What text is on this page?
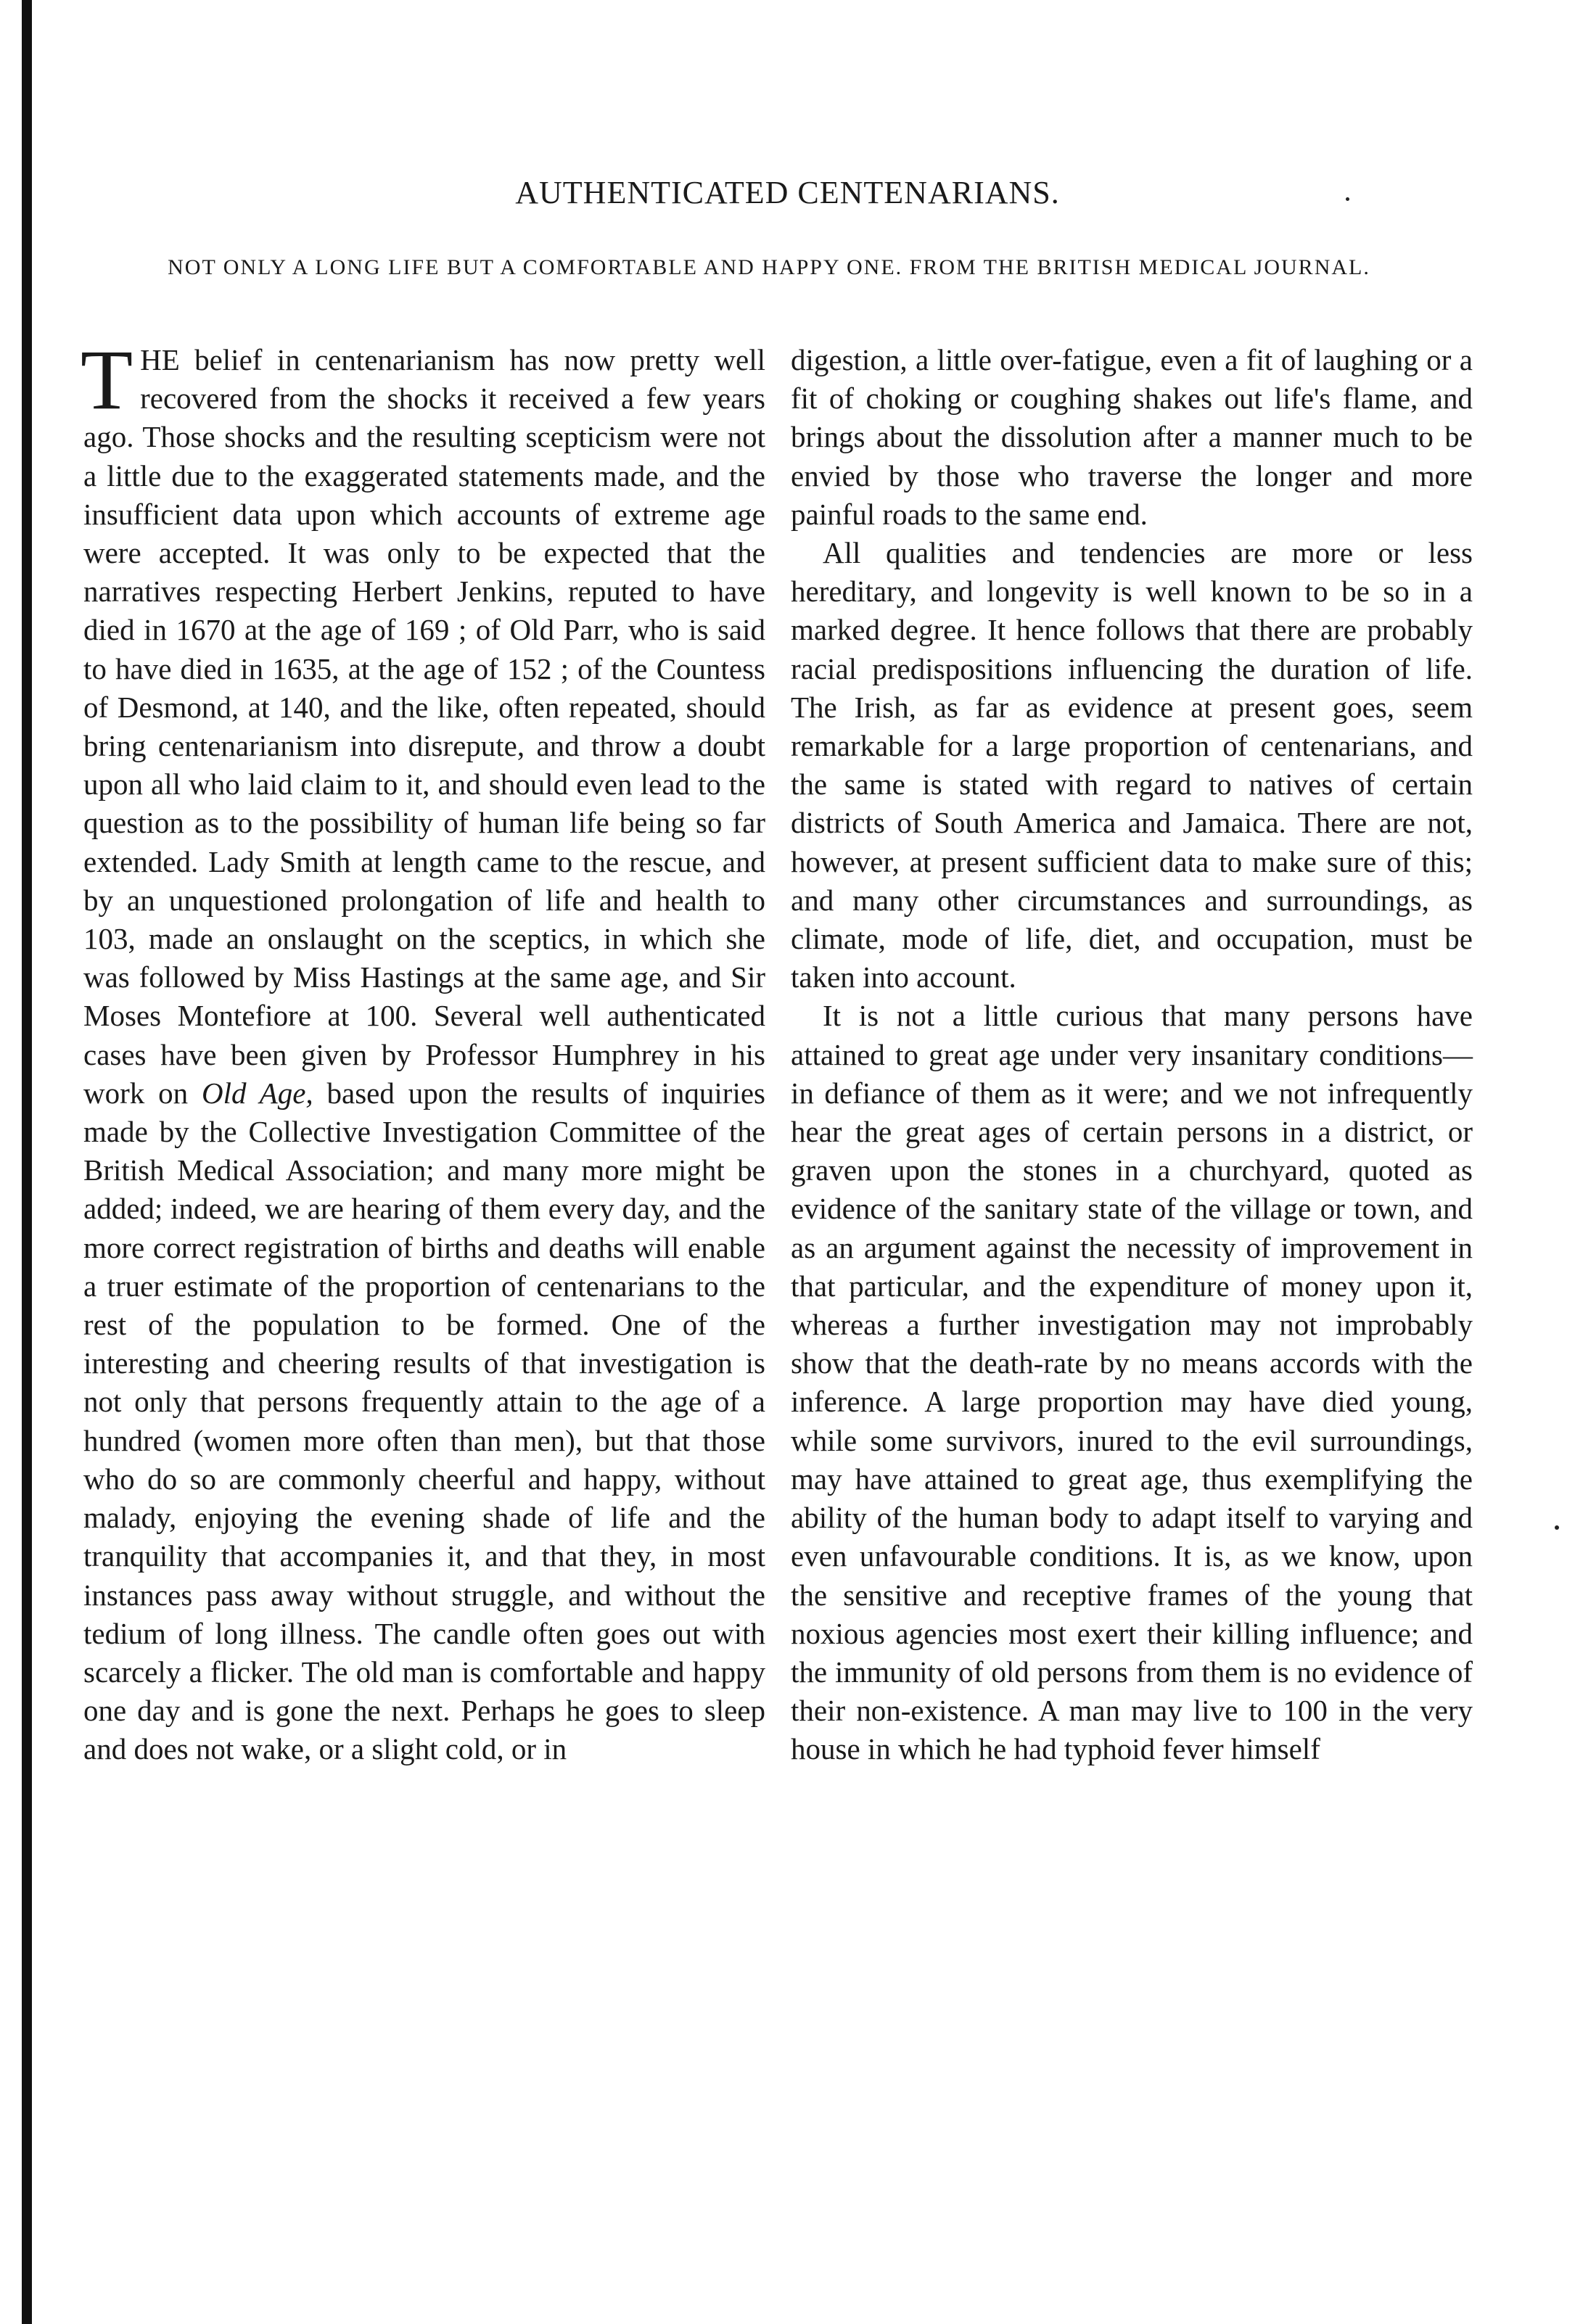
AUTHENTICATED CENTENARIANS.

NOT ONLY A LONG LIFE BUT A COMFORTABLE AND HAPPY ONE. FROM THE BRITISH MEDICAL JOURNAL.

THE belief in centenarianism has now pretty well recovered from the shocks it received a few years ago. Those shocks and the resulting scepticism were not a little due to the exaggerated statements made, and the insufficient data upon which accounts of extreme age were accepted. It was only to be expected that the narratives respecting Herbert Jenkins, reputed to have died in 1670 at the age of 169 ; of Old Parr, who is said to have died in 1635, at the age of 152 ; of the Countess of Desmond, at 140, and the like, often repeated, should bring centenarianism into disrepute, and throw a doubt upon all who laid claim to it, and should even lead to the question as to the possibility of human life being so far extended. Lady Smith at length came to the rescue, and by an unquestioned prolongation of life and health to 103, made an onslaught on the sceptics, in which she was followed by Miss Hastings at the same age, and Sir Moses Montefiore at 100. Several well authenticated cases have been given by Professor Humphrey in his work on Old Age, based upon the results of inquiries made by the Collective Investigation Committee of the British Medical Association; and many more might be added; indeed, we are hearing of them every day, and the more correct registration of births and deaths will enable a truer estimate of the proportion of centenarians to the rest of the population to be formed. One of the interesting and cheering results of that investigation is not only that persons frequently attain to the age of a hundred (women more often than men), but that those who do so are commonly cheerful and happy, without malady, enjoying the evening shade of life and the tranquility that accompanies it, and that they, in most instances pass away without struggle, and without the tedium of long illness. The candle often goes out with scarcely a flicker. The old man is comfortable and happy one day and is gone the next. Perhaps he goes to sleep and does not wake, or a slight cold, or in

digestion, a little over-fatigue, even a fit of laughing or a fit of choking or coughing shakes out life's flame, and brings about the dissolution after a manner much to be envied by those who traverse the longer and more painful roads to the same end.

All qualities and tendencies are more or less hereditary, and longevity is well known to be so in a marked degree. It hence follows that there are probably racial predispositions influencing the duration of life. The Irish, as far as evidence at present goes, seem remarkable for a large proportion of centenarians, and the same is stated with regard to natives of certain districts of South America and Jamaica. There are not, however, at present sufficient data to make sure of this; and many other circumstances and surroundings, as climate, mode of life, diet, and occupation, must be taken into account.

It is not a little curious that many persons have attained to great age under very insanitary conditions—in defiance of them as it were; and we not infrequently hear the great ages of certain persons in a district, or graven upon the stones in a churchyard, quoted as evidence of the sanitary state of the village or town, and as an argument against the necessity of improvement in that particular, and the expenditure of money upon it, whereas a further investigation may not improbably show that the death-rate by no means accords with the inference. A large proportion may have died young, while some survivors, inured to the evil surroundings, may have attained to great age, thus exemplifying the ability of the human body to adapt itself to varying and even unfavourable conditions. It is, as we know, upon the sensitive and receptive frames of the young that noxious agencies most exert their killing influence; and the immunity of old persons from them is no evidence of their non-existence. A man may live to 100 in the very house in which he had typhoid fever himself
